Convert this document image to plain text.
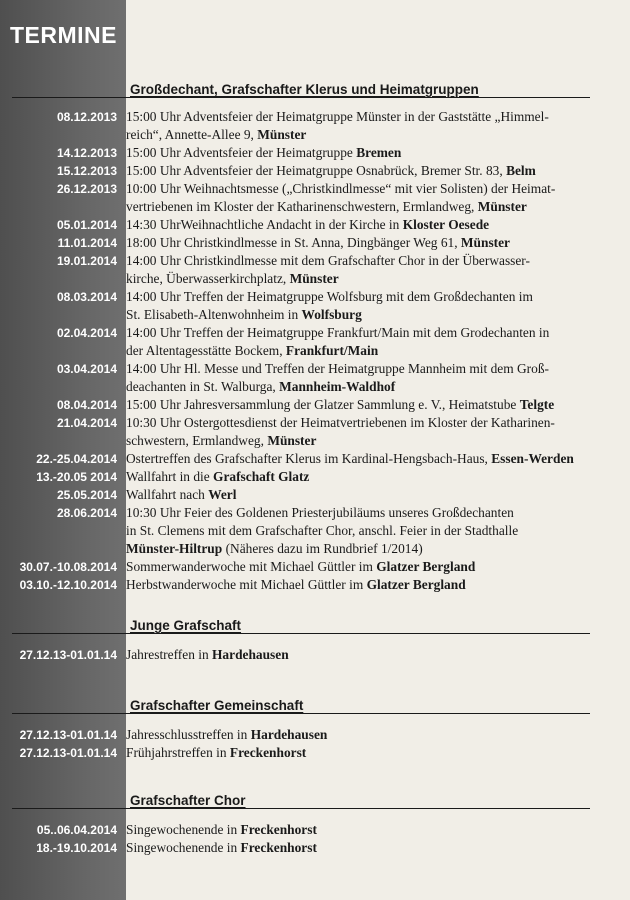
TERMINE
Großdechant, Grafschafter Klerus und Heimatgruppen
08.12.2013 15:00 Uhr Adventsfeier der Heimatgruppe Münster in der Gaststätte „Himmel-
reich“, Annette-Allee 9, Münster
14.12.2013 15:00 Uhr Adventsfeier der Heimatgruppe Bremen
15.12.2013 15:00 Uhr Adventsfeier der Heimatgruppe Osnabrück, Bremer Str. 83, Belm
26.12.2013 10:00 Uhr Weihnachtsmesse („Christkindlmesse“ mit vier Solisten) der Heimat-
vertriebenen im Kloster der Katharinenschwestern, Ermlandweg, Münster
05.01.2014 14:30 UhrWeihnachtliche Andacht in der Kirche in Kloster Oesede
11.01.2014 18:00 Uhr Christkindlmesse in St. Anna, Dingbänger Weg 61, Münster
19.01.2014 14:00 Uhr Christkindlmesse mit dem Grafschafter Chor in der Überwasser-
kirche, Überwasserkirchplatz, Münster
08.03.2014 14:00 Uhr Treffen der Heimatgruppe Wolfsburg mit dem Großdechanten im
St. Elisabeth-Altenwohnheim in Wolfsburg
02.04.2014 14:00 Uhr Treffen der Heimatgruppe Frankfurt/Main mit dem Grodechanten in
der Altentagesstätte Bockem, Frankfurt/Main
03.04.2014 14:00 Uhr Hl. Messe und Treffen der Heimatgruppe Mannheim mit dem Groß-
deachanten in St. Walburga, Mannheim-Waldhof
08.04.2014 15:00 Uhr Jahresversammlung der Glatzer Sammlung e. V., Heimatstube Telgte
21.04.2014 10:30 Uhr Ostergottesdienst der Heimatvertriebenen im Kloster der Katharinen-
schwestern, Ermlandweg, Münster
22.-25.04.2014 Ostertreffen des Grafschafter Klerus im Kardinal-Hengsbach-Haus, Essen-Werden
13.-20.05 2014 Wallfahrt in die Grafschaft Glatz
25.05.2014 Wallfahrt nach Werl
28.06.2014 10:30 Uhr Feier des Goldenen Priesterjubiläums unseres Großdechanten
in St. Clemens mit dem Grafschafter Chor, anschl. Feier in der Stadthalle
Münster-Hiltrup (Näheres dazu im Rundbrief 1/2014)
30.07.-10.08.2014 Sommerwanderwoche mit Michael Güttler im Glatzer Bergland
03.10.-12.10.2014 Herbstwanderwoche mit Michael Güttler im Glatzer Bergland
Junge Grafschaft
27.12.13-01.01.14 Jahrestreffen in Hardehausen
Grafschafter Gemeinschaft
27.12.13-01.01.14 Jahresschlusstreffen in Hardehausen
27.12.13-01.01.14 Frühjahrstreffen in Freckenhorst
Grafschafter Chor
05..06.04.2014 Singewochenende in Freckenhorst
18.-19.10.2014 Singewochenende in Freckenhorst
